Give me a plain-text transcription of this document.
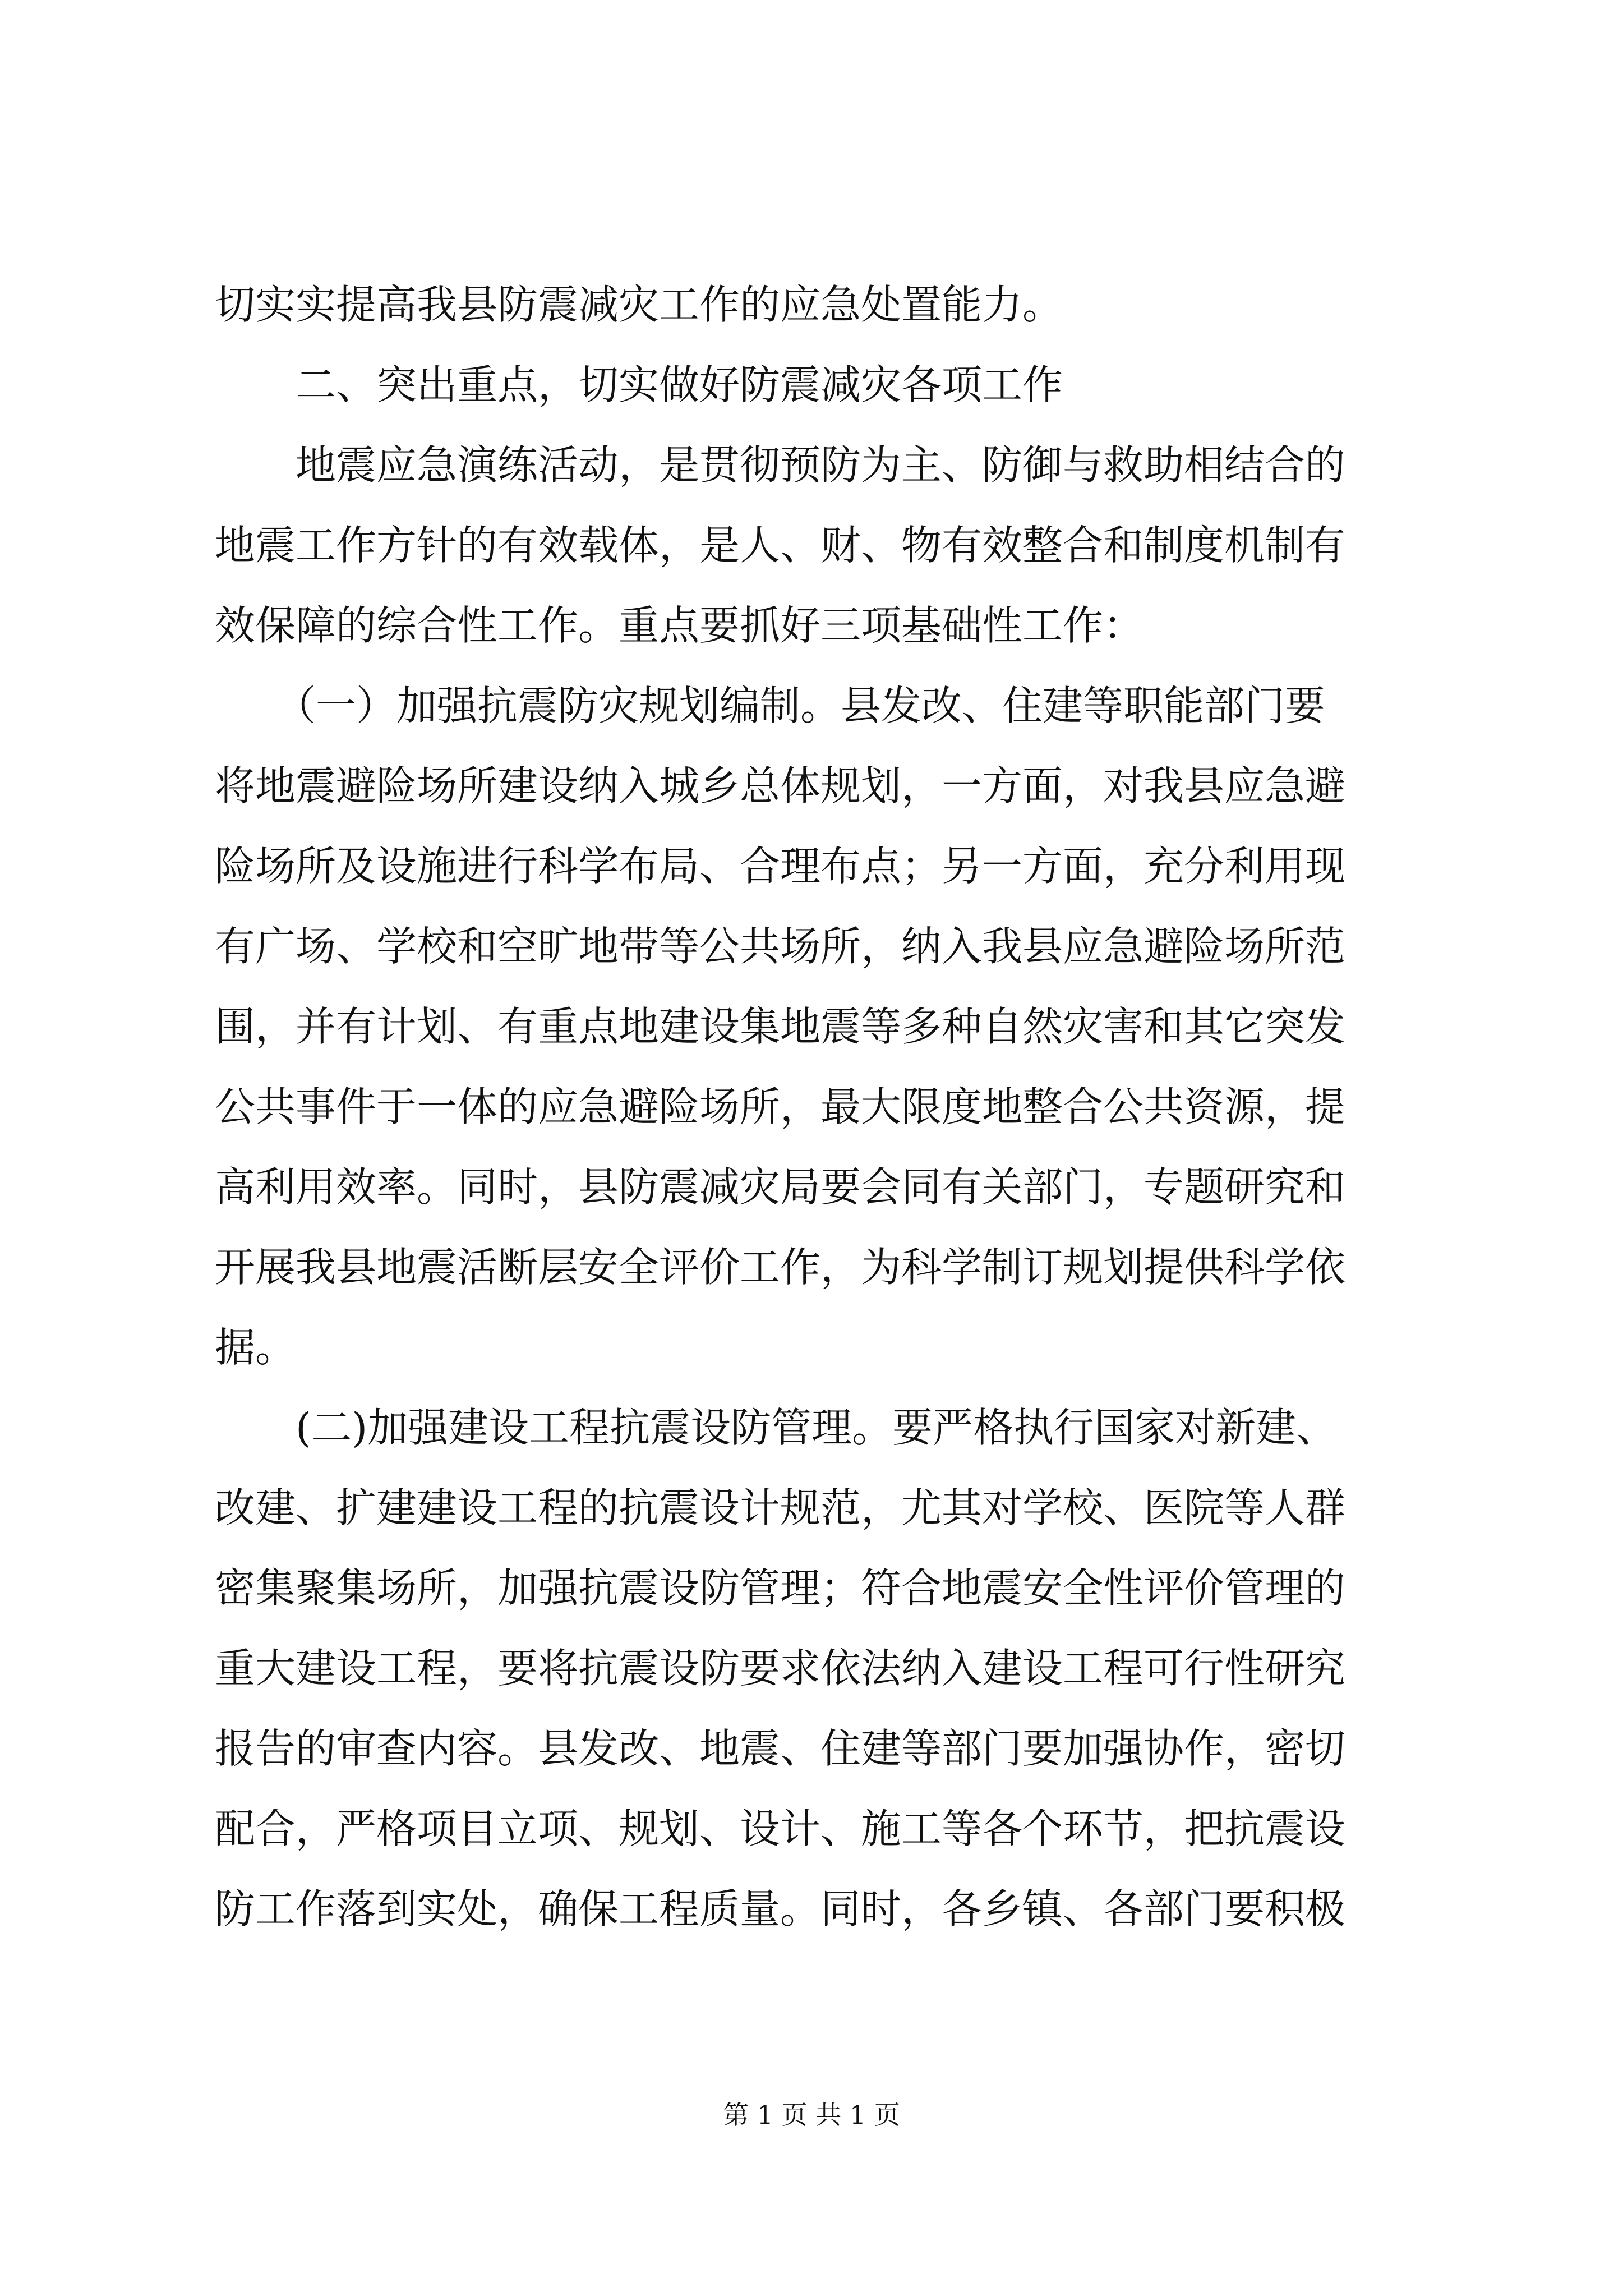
切实实提高我县防震减灾工作的应急处置能力。
　　二、突出重点，切实做好防震减灾各项工作
　　地震应急演练活动，是贯彻预防为主、防御与救助相结合的
地震工作方针的有效载体，是人、财、物有效整合和制度机制有
效保障的综合性工作。重点要抓好三项基础性工作：
　　（一）加强抗震防灾规划编制。县发改、住建等职能部门要
将地震避险场所建设纳入城乡总体规划，一方面，对我县应急避
险场所及设施进行科学布局、合理布点；另一方面，充分利用现
有广场、学校和空旷地带等公共场所，纳入我县应急避险场所范
围，并有计划、有重点地建设集地震等多种自然灾害和其它突发
公共事件于一体的应急避险场所，最大限度地整合公共资源，提
高利用效率。同时，县防震减灾局要会同有关部门，专题研究和
开展我县地震活断层安全评价工作，为科学制订规划提供科学依
据。
　　(二)加强建设工程抗震设防管理。要严格执行国家对新建、
改建、扩建建设工程的抗震设计规范，尤其对学校、医院等人群
密集聚集场所，加强抗震设防管理；符合地震安全性评价管理的
重大建设工程，要将抗震设防要求依法纳入建设工程可行性研究
报告的审查内容。县发改、地震、住建等部门要加强协作，密切
配合，严格项目立项、规划、设计、施工等各个环节，把抗震设
防工作落到实处，确保工程质量。同时，各乡镇、各部门要积极
第 1 页 共 1 页
